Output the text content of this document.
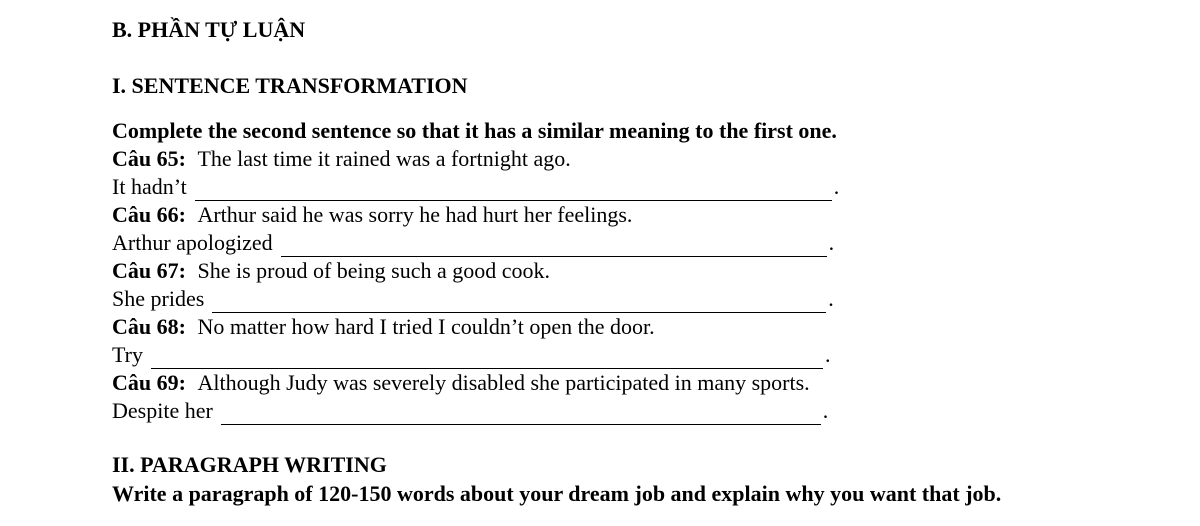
B. PHẦN TỰ LUẬN
I. SENTENCE TRANSFORMATION
Complete the second sentence so that it has a similar meaning to the first one.
Câu 65: The last time it rained was a fortnight ago.
It hadn’t	.
Câu 66: Arthur said he was sorry he had hurt her feelings.
Arthur apologized	.
Câu 67: She is proud of being such a good cook.
She prides	.
Câu 68: No matter how hard I tried I couldn’t open the door.
Try	.
Câu 69: Although Judy was severely disabled she participated in many sports.
Despite her	.
II. PARAGRAPH WRITING
Write a paragraph of 120-150 words about your dream job and explain why you want that job.
